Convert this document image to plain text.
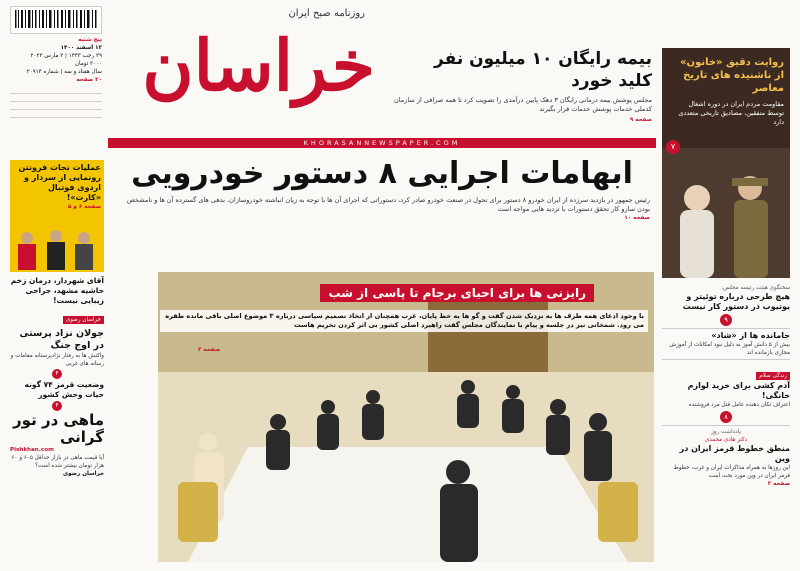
پنج شنبه
۱۲ اسفند ۱۴۰۰
۲۹ رجب ۱۴۴۳ | ۳ مارس ۲۰۲۲
۳۰۰۰ تومان
سال هفتاد و سه | شماره ۲۰۹۱۴
۲۰ صفحه
روزنامه صبح ایران
خراسان	بیمه رایگان ۱۰ میلیون نفر
کلید خورد
مجلس پوشش بیمه درمانی رایگان ۳ دهک پایین درآمدی را تصویب کرد تا همه صرافی از سازمان کدملی خدمات پوشش خدمات قرار بگیرند
صفحه ۹
KHORASANNEWSPAPER.COM
ابهامات اجرایی ۸ دستور خودرویی
رئیس جمهور در بازدید سرزده از ایران خودرو ۸ دستور برای تحول در صنعت خودرو صادر کرد، دستوراتی که اجرای آن ها با توجه به زیان انباشته خودروسازان، بدهی های گسترده آن ها و نامشخص بودن سازو کار تحقق دستورات با تردید هایی مواجه است
صفحه ۱۰
رایزنی ها برای احیای برجام تا پاسی از شب
با وجود ادعای همه طرف ها به نزدیک شدن گفت و گو ها به خط پایان، غرب همچنان از اتخاذ تصمیم سیاسی درباره ۳ موضوع اصلی باقی مانده طفره می رود. شمخانی نیز در جلسه و پیام با نمایندگان مجلس گفت راهبرد اصلی کشور بی اثر کردن تحریم هاست
صفحه ۲
روایت دقیق «خانون» از ناشنیده های تاریخ معاصر
مقاومت مردم ایران در دوره اشغال توسط متفقین، مصادیق تاریخی متعددی دارد
۷
سخنگوی هیئت رئیسه مجلس:
هیچ طرحی درباره توئیتر و یوتیوب در دستور کار نیست
۹
جامانده ها از «شاد»
بیش از ۵ دانش آموز به دلیل نبود امکانات از آموزش مجازی بازمانده اند
زندگی سلام
آدم کشی برای خرید لوازم خانگی!
اعتراف تکان دهنده عامل قتل مرد فروشنده
۸
یادداشت روز
دکتر هادی محمدی
منطق خطوط قرمز ایران در وین
این روزها به همراه مذاکرات ایران و غرب، خطوط قرمز ایران در وین مورد بحث است
صفحه ۲
عملیات نجات فرونتن رونمایی از سردار و اردوی فوتبال «کارت»!
صفحه ۶ و ۵
آقای شهردار، درمان زخم حاشیه مشهد، جراحی زیبایی نیست!
خراسان رضوی
جولان نزاد پرستی در اوج جنگ
واکنش ها به رفتار نژادپرستانه مقامات و رسانه های غربی
۴
وضعیت قرمز ۷۴ گونه حیات وحش کشور
۴
ماهی در تور گرانی
Pishkhan.com
آیا قیمت ماهی در بازار حداقل ۶۰۵ و ۶۰ هزار تومان بیشتر شده است؟
خراسان رضوی
